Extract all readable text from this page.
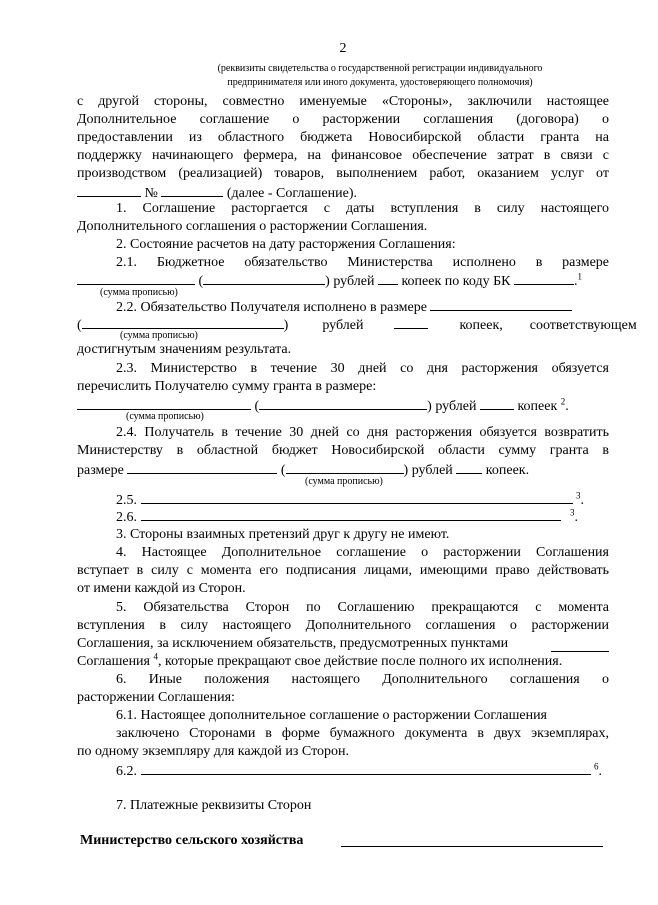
2
(реквизиты свидетельства о государственной регистрации индивидуального
предпринимателя или иного документа, удостоверяющего полномочия)
с другой стороны, совместно именуемые «Стороны», заключили настоящее
Дополнительное соглашение о расторжении соглашения (договора) о
предоставлении из областного бюджета Новосибирской области гранта на
поддержку начинающего фермера, на финансовое обеспечение затрат в связи с
производством (реализацией) товаров, выполнением работ, оказанием услуг от
№	(далее - Соглашение).
1. Соглашение расторгается с даты вступления в силу настоящего
Дополнительного соглашения о расторжении Соглашения.
2. Состояние расчетов на дату расторжения Соглашения:
2.1. Бюджетное обязательство Министерства исполнено в размере
(	) рублей копеек по коду БК	.$^1$
(сумма прописью)
2.2. Обязательство Получателя исполнено в размере
(	)  рублей	копеек, соответствующем
(сумма прописью)
достигнутым значениям результата.
2.3. Министерство в течение 30 дней со дня расторжения обязуется
перечислить Получателю сумму гранта в размере:
(	) рублей	копеек $^2$.
(сумма прописью)
2.4. Получатель в течение 30 дней со дня расторжения обязуется возвратить
Министерству в областной бюджет Новосибирской области сумму гранта в
размере	(	) рублей копеек.
(сумма прописью)
2.5.	$^3$.
2.6.	$^3$.
3. Стороны взаимных претензий друг к другу не имеют.
4. Настоящее Дополнительное соглашение о расторжении Соглашения
вступает в силу с момента его подписания лицами, имеющими право действовать
от имени каждой из Сторон.
5. Обязательства Сторон по Соглашению прекращаются с момента
вступления в силу настоящего Дополнительного соглашения о расторжении
Соглашения, за исключением обязательств, предусмотренных пунктами
Соглашения $^4$, которые прекращают свое действие после полного их исполнения.
6. Иные положения настоящего Дополнительного соглашения о
расторжении Соглашения:
6.1. Настоящее дополнительное соглашение о расторжении Соглашения
заключено Сторонами в форме бумажного документа в двух экземплярах,
по одному экземпляру для каждой из Сторон.
6.2.	$^6$.
7. Платежные реквизиты Сторон
Министерство сельского хозяйства
